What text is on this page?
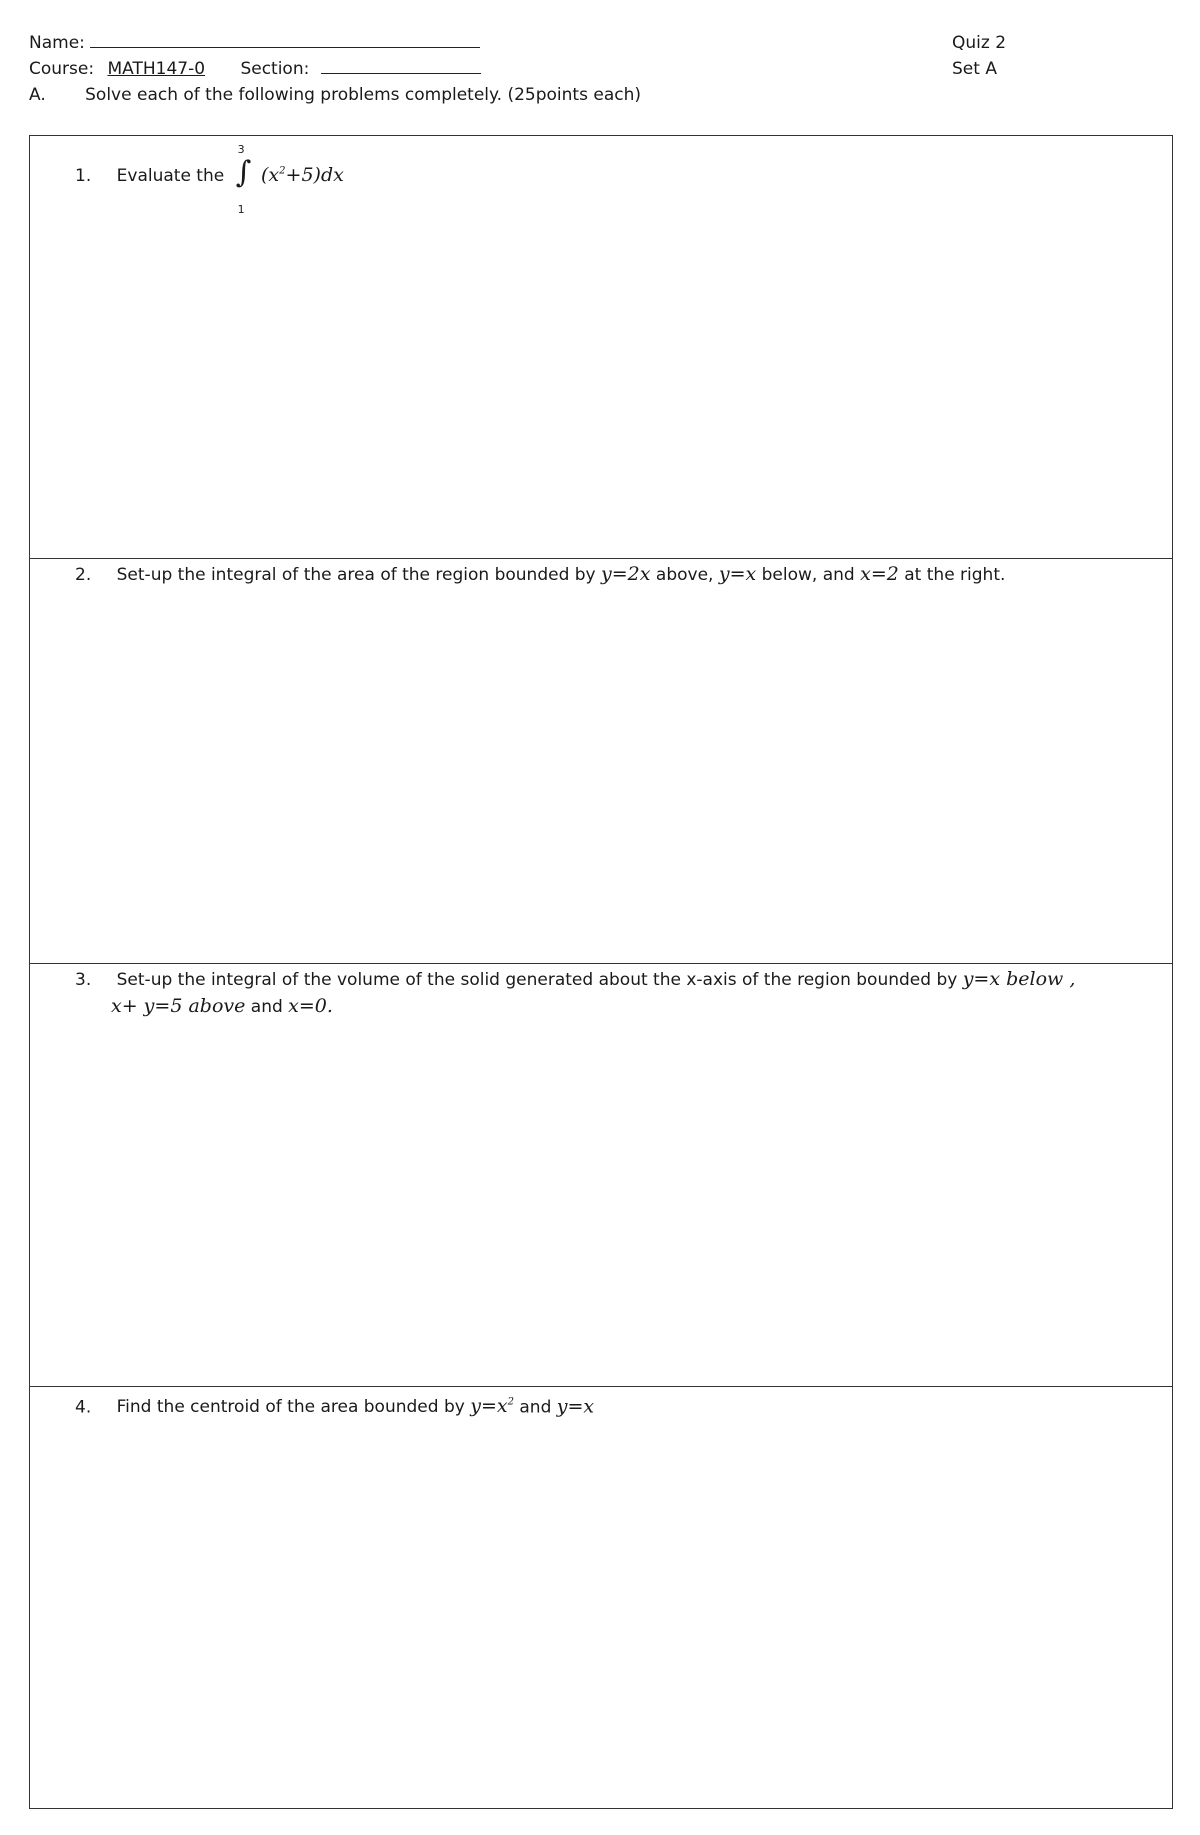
Name:	Quiz 2
Course: MATH147-0 Section:	Set A
A. Solve each of the following problems completely. (25points each)
1. Evaluate the
3
∫
1
$(x^2+5)dx$
2. Set-up the integral of the area of the region bounded by y=2x above, y=x below, and x=2 at the right.
3. Set-up the integral of the volume of the solid generated about the x-axis of the region bounded by y=x below ,
x+ y=5 above and x=0.
4. Find the centroid of the area bounded by $y=x^2$ and y=x
